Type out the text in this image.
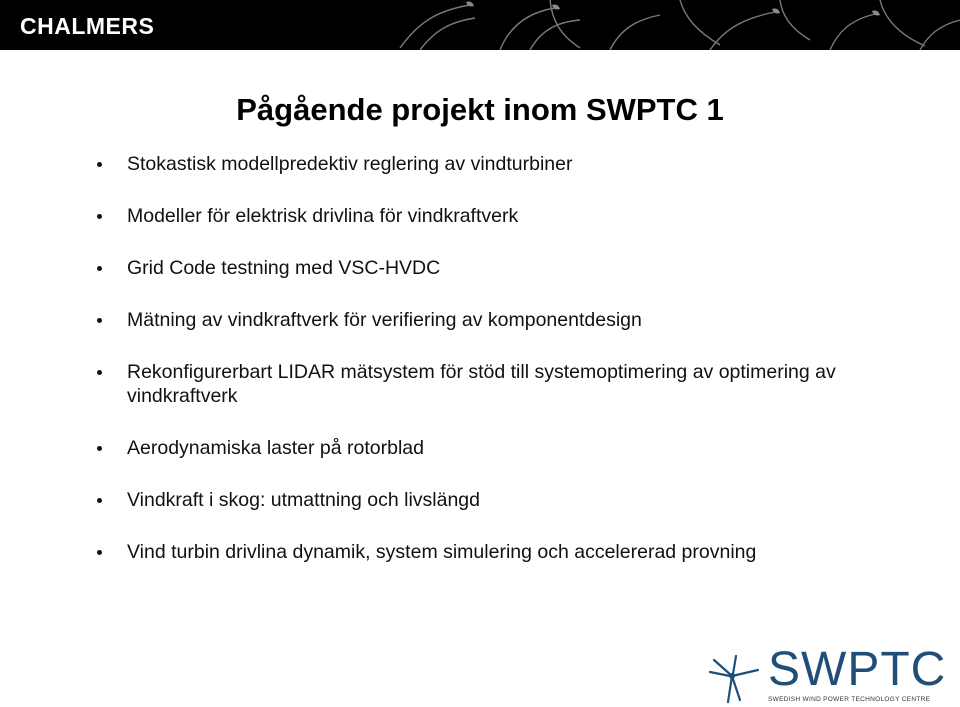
CHALMERS
Pågående projekt inom SWPTC 1
Stokastisk modellpredektiv reglering av vindturbiner
Modeller för elektrisk drivlina för vindkraftverk
Grid Code testning med VSC-HVDC
Mätning av vindkraftverk för verifiering av komponentdesign
Rekonfigurerbart LIDAR mätsystem för stöd till systemoptimering av optimering av vindkraftverk
Aerodynamiska laster på rotorblad
Vindkraft i skog: utmattning och livslängd
Vind turbin drivlina dynamik, system simulering och accelererad provning
SWPTC
SWEDISH WIND POWER TECHNOLOGY CENTRE
